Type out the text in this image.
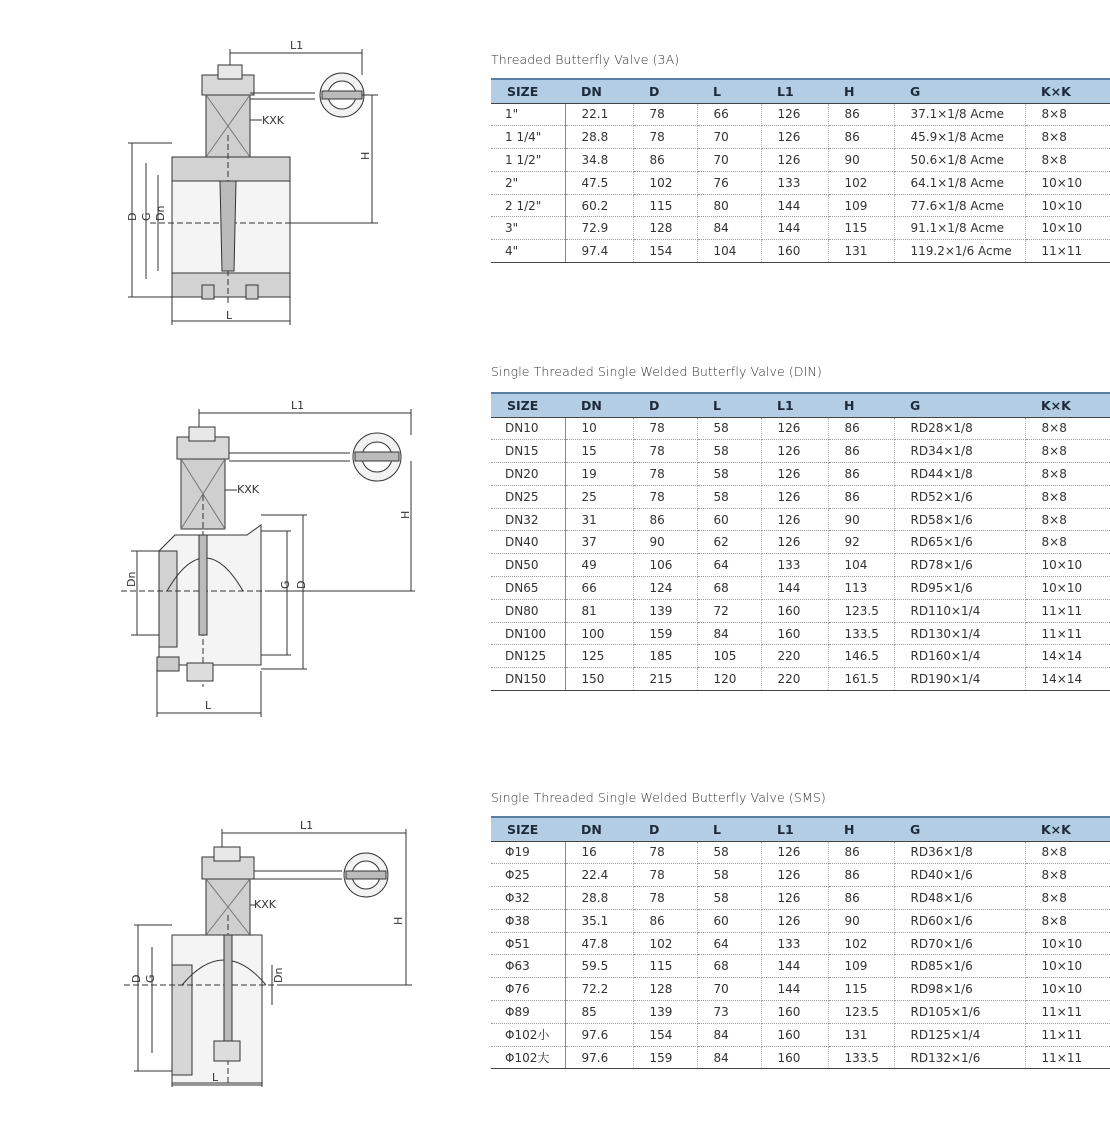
L1
KXK
H
D G Dn
L
L1
KXK
H
Dn	G D
L
L1
KXK
H
D G	Dn
L
Threaded Butterfly Valve (3A)
SIZE	DN	D	L	L1	H	G	K×K
1"	22.1	78	66	126	86	37.1×1/8 Acme	8×8
1 1/4"	28.8	78	70	126	86	45.9×1/8 Acme	8×8
1 1/2"	34.8	86	70	126	90	50.6×1/8 Acme	8×8
2"	47.5	102	76	133	102	64.1×1/8 Acme	10×10
2 1/2"	60.2	115	80	144	109	77.6×1/8 Acme	10×10
3"	72.9	128	84	144	115	91.1×1/8 Acme	10×10
4"	97.4	154	104	160	131	119.2×1/6 Acme	11×11
Single Threaded Single Welded Butterfly Valve (DIN)
SIZE	DN	D	L	L1	H	G	K×K
DN10	10	78	58	126	86	RD28×1/8	8×8
DN15	15	78	58	126	86	RD34×1/8	8×8
DN20	19	78	58	126	86	RD44×1/8	8×8
DN25	25	78	58	126	86	RD52×1/6	8×8
DN32	31	86	60	126	90	RD58×1/6	8×8
DN40	37	90	62	126	92	RD65×1/6	8×8
DN50	49	106	64	133	104	RD78×1/6	10×10
DN65	66	124	68	144	113	RD95×1/6	10×10
DN80	81	139	72	160	123.5	RD110×1/4	11×11
DN100	100	159	84	160	133.5	RD130×1/4	11×11
DN125	125	185	105	220	146.5	RD160×1/4	14×14
DN150	150	215	120	220	161.5	RD190×1/4	14×14
Single Threaded Single Welded Butterfly Valve (SMS)
SIZE	DN	D	L	L1	H	G	K×K
Φ19	16	78	58	126	86	RD36×1/8	8×8
Φ25	22.4	78	58	126	86	RD40×1/6	8×8
Φ32	28.8	78	58	126	86	RD48×1/6	8×8
Φ38	35.1	86	60	126	90	RD60×1/6	8×8
Φ51	47.8	102	64	133	102	RD70×1/6	10×10
Φ63	59.5	115	68	144	109	RD85×1/6	10×10
Φ76	72.2	128	70	144	115	RD98×1/6	10×10
Φ89	85	139	73	160	123.5	RD105×1/6	11×11
Φ102小	97.6	154	84	160	131	RD125×1/4	11×11
Φ102大	97.6	159	84	160	133.5	RD132×1/6	11×11
